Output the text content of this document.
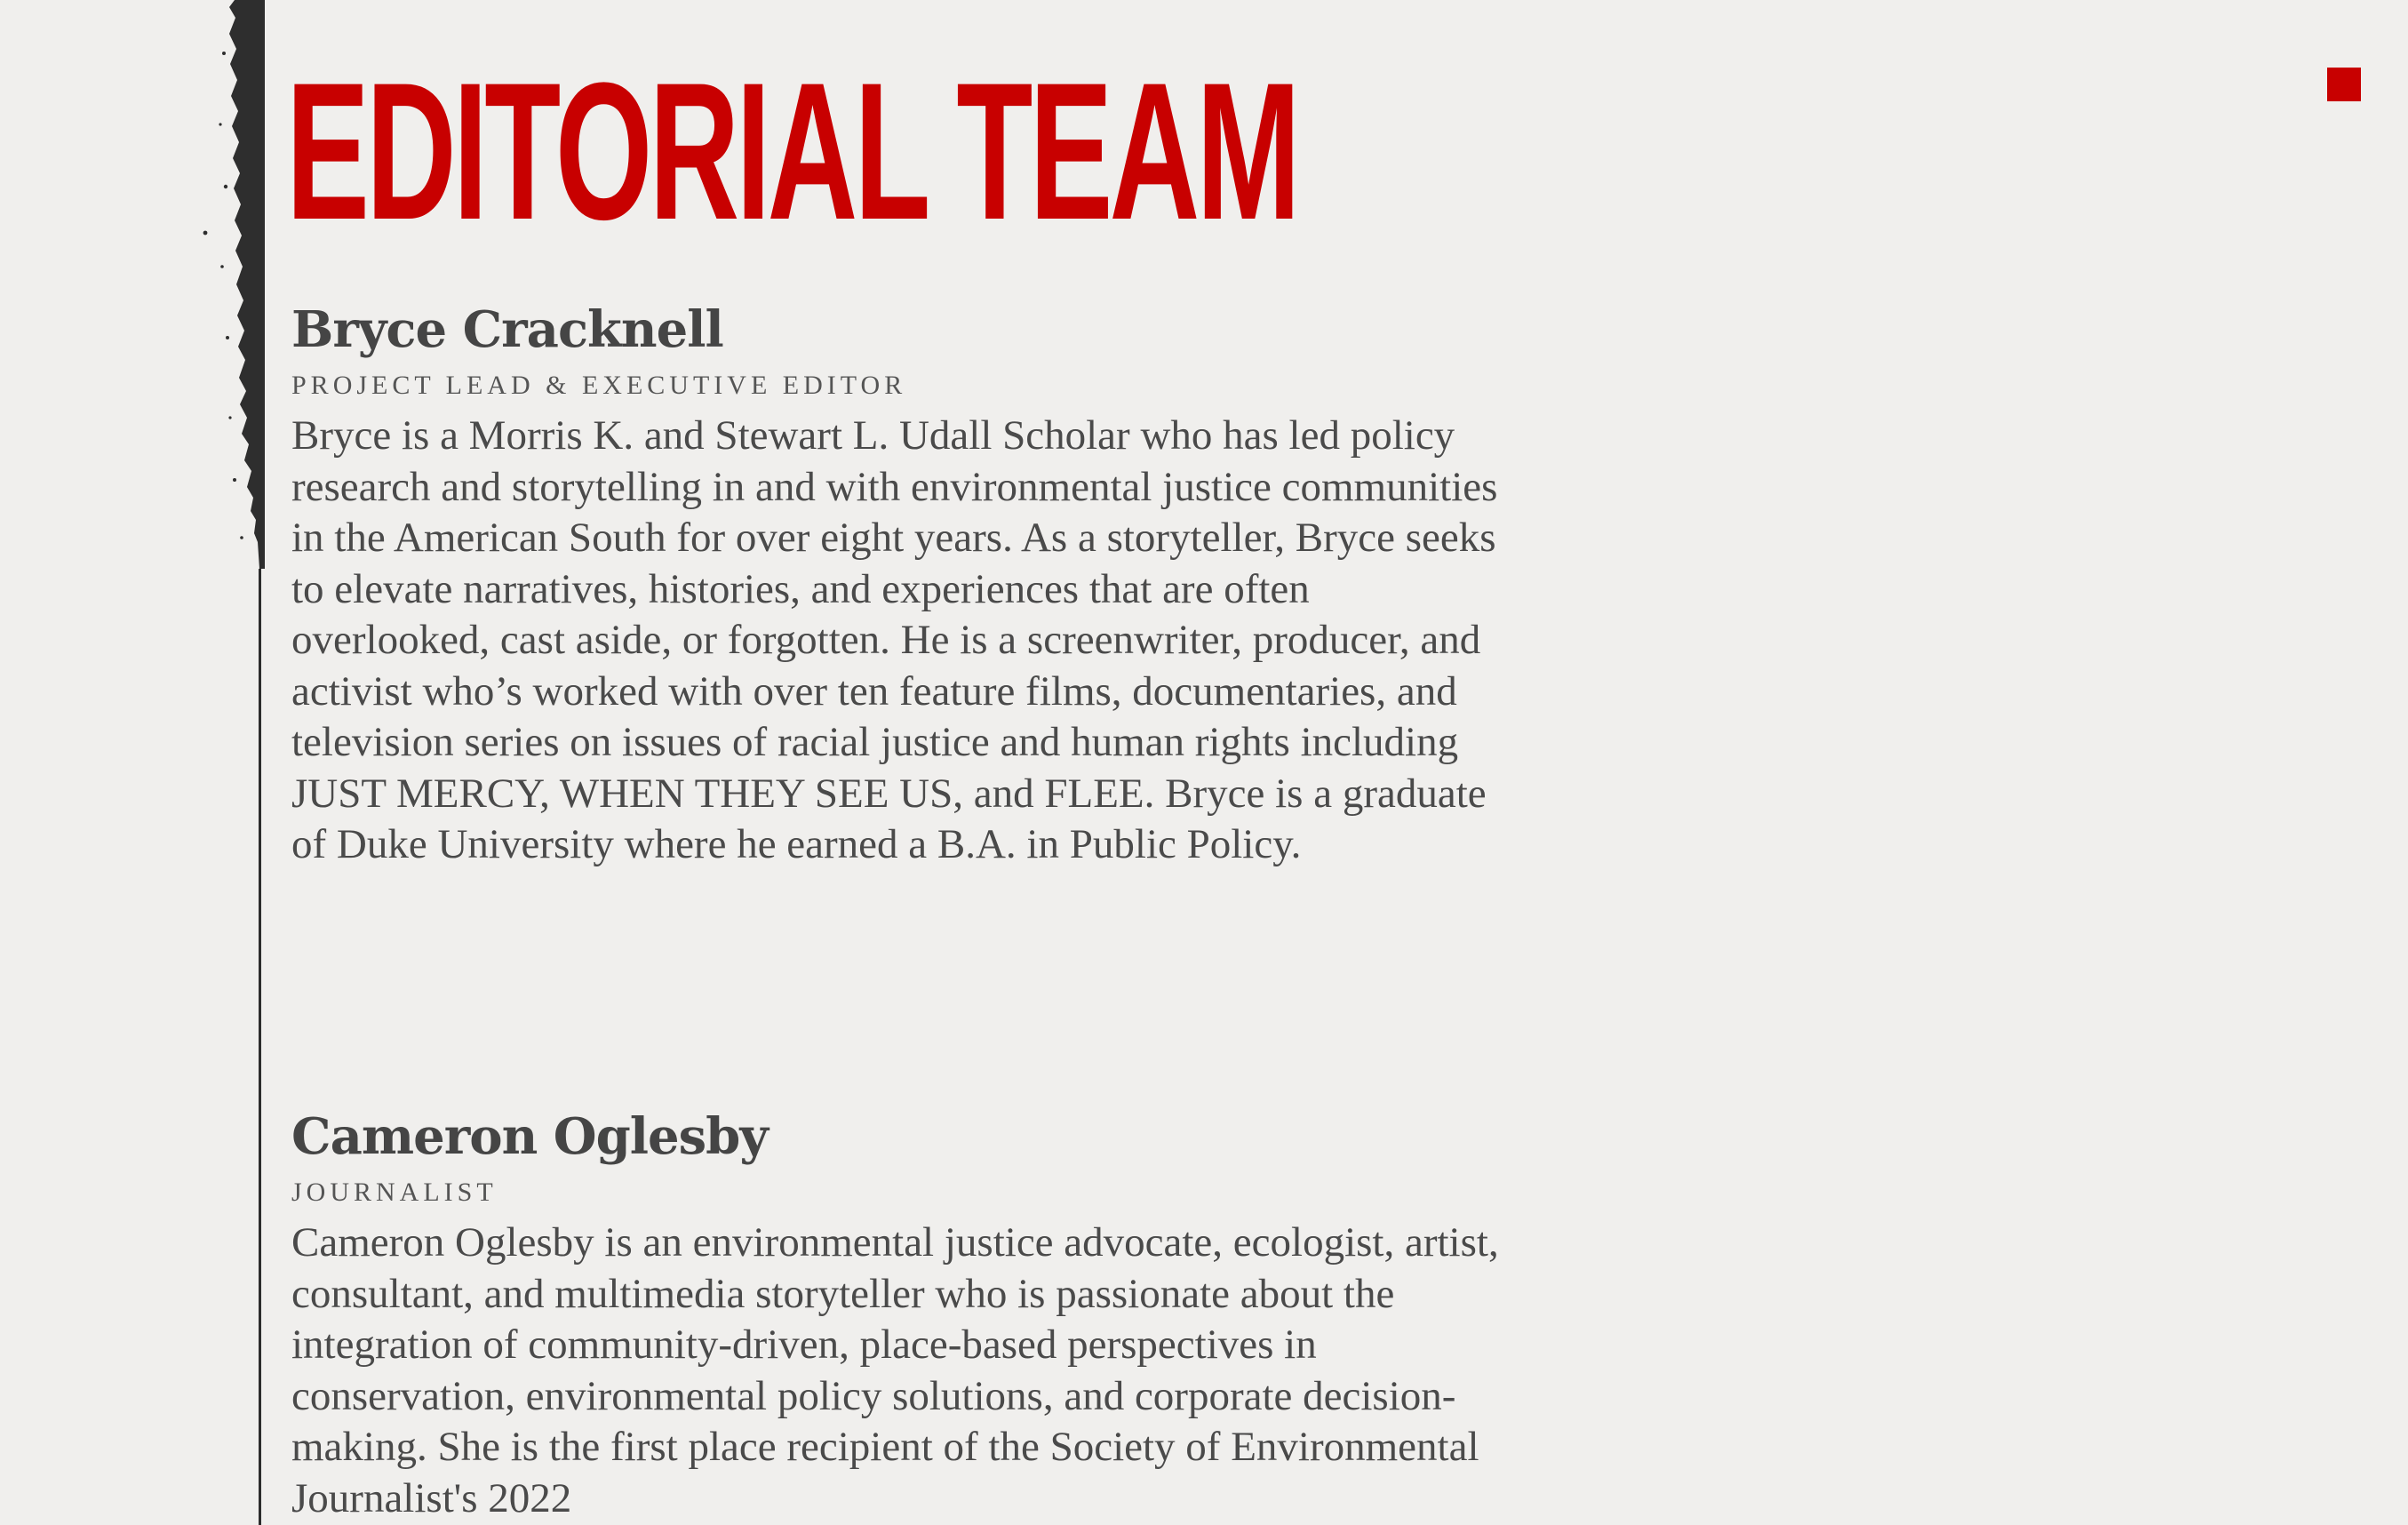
EDITORIAL TEAM
Bryce Cracknell

PROJECT LEAD & EXECUTIVE EDITOR

Bryce is a Morris K. and Stewart L. Udall Scholar who has led policy research and storytelling in and with environmental justice communities in the American South for over eight years. As a storyteller, Bryce seeks to elevate narratives, histories, and experiences that are often overlooked, cast aside, or forgotten. He is a screenwriter, producer, and activist who’s worked with over ten feature films, documentaries, and television series on issues of racial justice and human rights including JUST MERCY, WHEN THEY SEE US, and FLEE. Bryce is a graduate of Duke University where he earned a B.A. in Public Policy.

Cameron Oglesby

JOURNALIST

Cameron Oglesby is an environmental justice advocate, ecologist, artist, consultant, and multimedia storyteller who is passionate about the integration of community-driven, place-based perspectives in conservation, environmental policy solutions, and corporate decision-making. She is the first place recipient of the Society of Environmental Journalist's 2022
